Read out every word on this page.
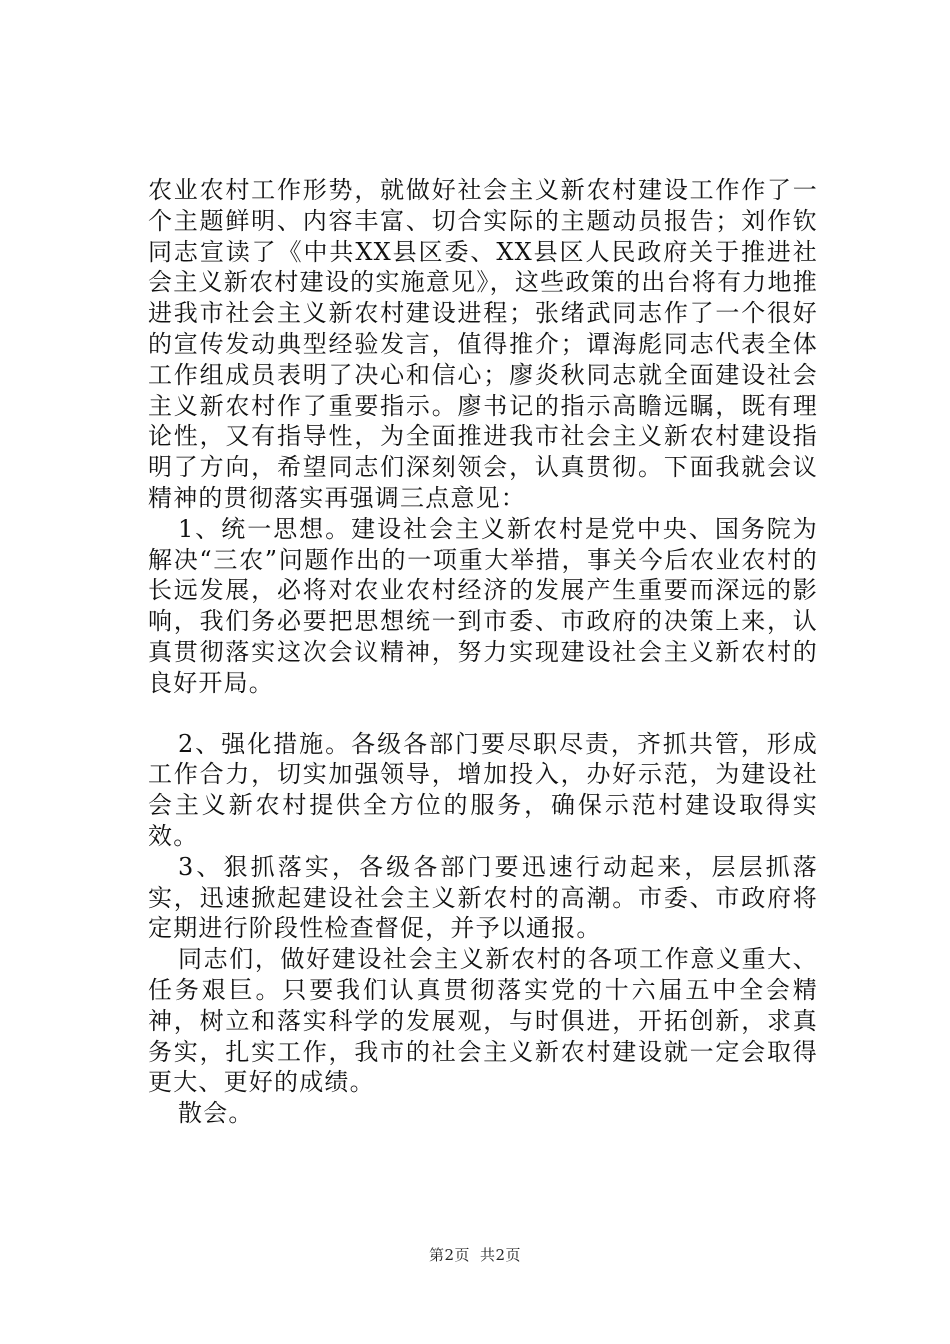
农业农村工作形势，就做好社会主义新农村建设工作作了一个主题鲜明、内容丰富、切合实际的主题动员报告；刘作钦同志宣读了《中共XX县区委、XX县区人民政府关于推进社会主义新农村建设的实施意见》，这些政策的出台将有力地推进我市社会主义新农村建设进程；张绪武同志作了一个很好的宣传发动典型经验发言，值得推介；谭海彪同志代表全体工作组成员表明了决心和信心；廖炎秋同志就全面建设社会主义新农村作了重要指示。廖书记的指示高瞻远瞩，既有理论性，又有指导性，为全面推进我市社会主义新农村建设指明了方向，希望同志们深刻领会，认真贯彻。下面我就会议精神的贯彻落实再强调三点意见：

1、统一思想。建设社会主义新农村是党中央、国务院为解决“三农”问题作出的一项重大举措，事关今后农业农村的长远发展，必将对农业农村经济的发展产生重要而深远的影响，我们务必要把思想统一到市委、市政府的决策上来，认真贯彻落实这次会议精神，努力实现建设社会主义新农村的良好开局。

2、强化措施。各级各部门要尽职尽责，齐抓共管，形成工作合力，切实加强领导，增加投入，办好示范，为建设社会主义新农村提供全方位的服务，确保示范村建设取得实效。

3、狠抓落实，各级各部门要迅速行动起来，层层抓落实，迅速掀起建设社会主义新农村的高潮。市委、市政府将定期进行阶段性检查督促，并予以通报。

同志们，做好建设社会主义新农村的各项工作意义重大、任务艰巨。只要我们认真贯彻落实党的十六届五中全会精神，树立和落实科学的发展观，与时俱进，开拓创新，求真务实，扎实工作，我市的社会主义新农村建设就一定会取得更大、更好的成绩。

散会。

第2页 共2页
